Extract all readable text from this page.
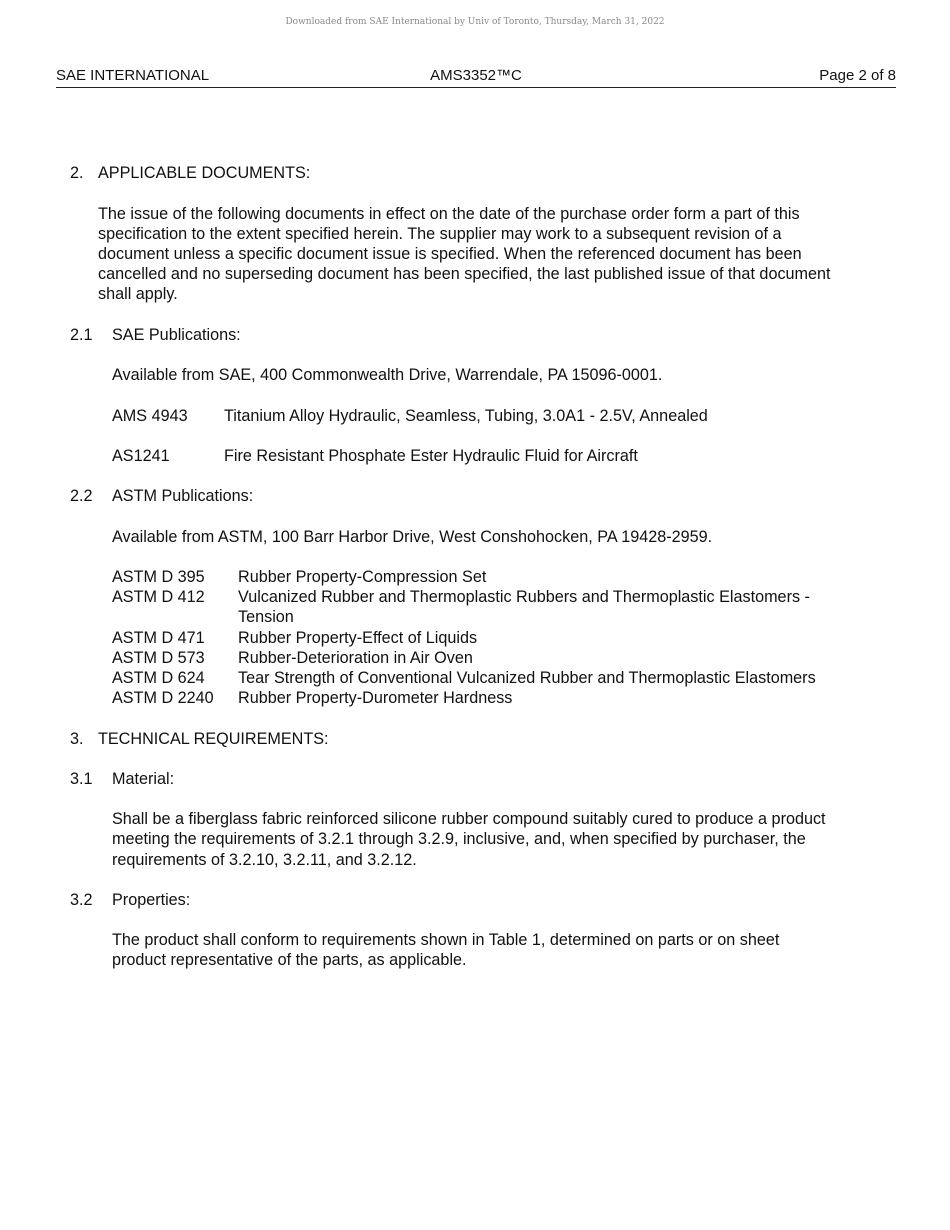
Downloaded from SAE International by Univ of Toronto, Thursday, March 31, 2022
SAE INTERNATIONAL	AMS3352™C	Page 2 of 8
2. APPLICABLE DOCUMENTS:
The issue of the following documents in effect on the date of the purchase order form a part of this
specification to the extent specified herein. The supplier may work to a subsequent revision of a
document unless a specific document issue is specified. When the referenced document has been
cancelled and no superseding document has been specified, the last published issue of that document
shall apply.
2.1 SAE Publications:
Available from SAE, 400 Commonwealth Drive, Warrendale, PA 15096-0001.
AMS 4943 Titanium Alloy Hydraulic, Seamless, Tubing, 3.0A1 - 2.5V, Annealed
AS1241	Fire Resistant Phosphate Ester Hydraulic Fluid for Aircraft
2.2 ASTM Publications:
Available from ASTM, 100 Barr Harbor Drive, West Conshohocken, PA 19428-2959.
ASTM D 395 Rubber Property-Compression Set
ASTM D 412 Vulcanized Rubber and Thermoplastic Rubbers and Thermoplastic Elastomers -
Tension
ASTM D 471 Rubber Property-Effect of Liquids
ASTM D 573 Rubber-Deterioration in Air Oven
ASTM D 624 Tear Strength of Conventional Vulcanized Rubber and Thermoplastic Elastomers
ASTM D 2240 Rubber Property-Durometer Hardness
3. TECHNICAL REQUIREMENTS:
3.1 Material:
Shall be a fiberglass fabric reinforced silicone rubber compound suitably cured to produce a product
meeting the requirements of 3.2.1 through 3.2.9, inclusive, and, when specified by purchaser, the
requirements of 3.2.10, 3.2.11, and 3.2.12.
3.2 Properties:
The product shall conform to requirements shown in Table 1, determined on parts or on sheet
product representative of the parts, as applicable.
